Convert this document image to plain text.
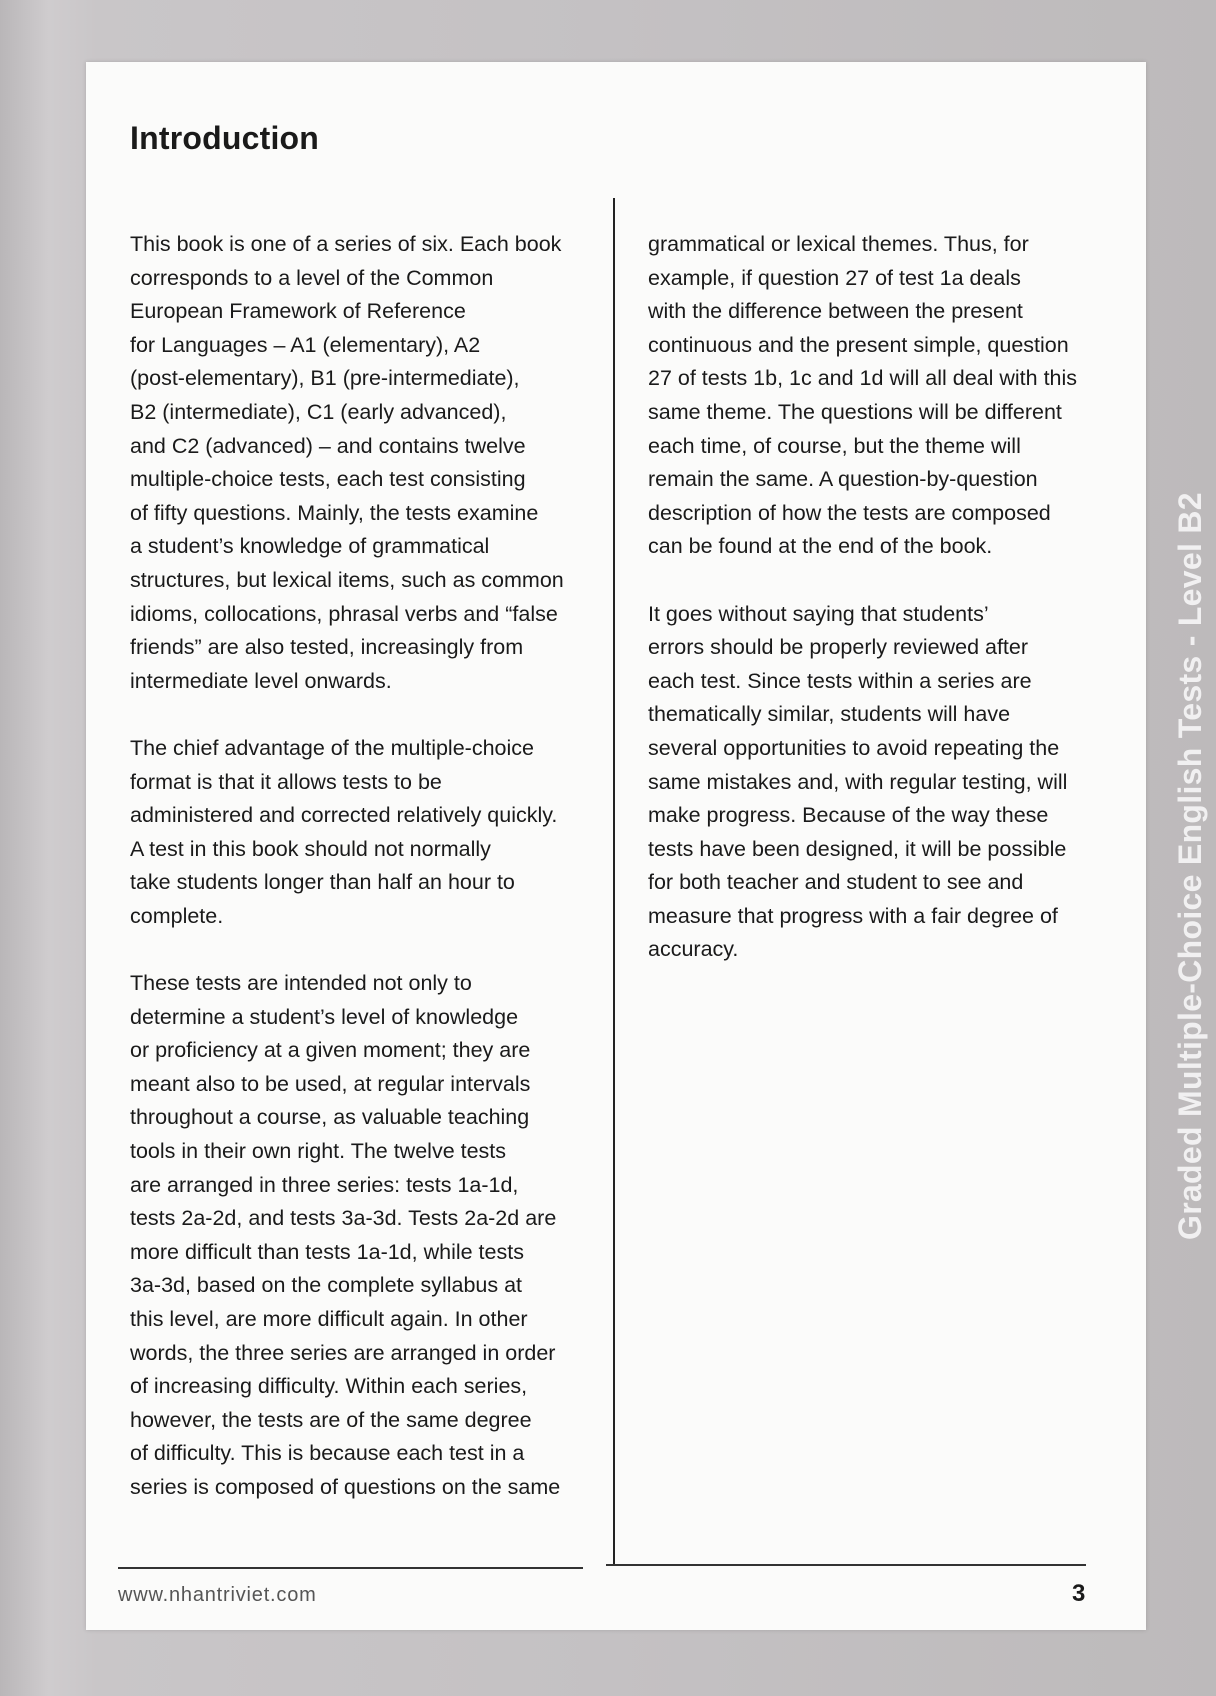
Introduction

This book is one of a series of six. Each book
corresponds to a level of the Common
European Framework of Reference
for Languages – A1 (elementary), A2
(post-elementary), B1 (pre-intermediate),
B2 (intermediate), C1 (early advanced),
and C2 (advanced) – and contains twelve
multiple-choice tests, each test consisting
of fifty questions. Mainly, the tests examine
a student’s knowledge of grammatical
structures, but lexical items, such as common
idioms, collocations, phrasal verbs and “false
friends” are also tested, increasingly from
intermediate level onwards.

The chief advantage of the multiple-choice
format is that it allows tests to be
administered and corrected relatively quickly.
A test in this book should not normally
take students longer than half an hour to
complete.

These tests are intended not only to
determine a student’s level of knowledge
or proficiency at a given moment; they are
meant also to be used, at regular intervals
throughout a course, as valuable teaching
tools in their own right. The twelve tests
are arranged in three series: tests 1a-1d,
tests 2a-2d, and tests 3a-3d. Tests 2a-2d are
more difficult than tests 1a-1d, while tests
3a-3d, based on the complete syllabus at
this level, are more difficult again. In other
words, the three series are arranged in order
of increasing difficulty. Within each series,
however, the tests are of the same degree
of difficulty. This is because each test in a
series is composed of questions on the same

grammatical or lexical themes. Thus, for
example, if question 27 of test 1a deals
with the difference between the present
continuous and the present simple, question
27 of tests 1b, 1c and 1d will all deal with this
same theme. The questions will be different
each time, of course, but the theme will
remain the same. A question-by-question
description of how the tests are composed
can be found at the end of the book.

It goes without saying that students’
errors should be properly reviewed after
each test. Since tests within a series are
thematically similar, students will have
several opportunities to avoid repeating the
same mistakes and, with regular testing, will
make progress. Because of the way these
tests have been designed, it will be possible
for both teacher and student to see and
measure that progress with a fair degree of
accuracy.

www.nhantriviet.com	3
Graded Multiple-Choice English Tests - Level B2
